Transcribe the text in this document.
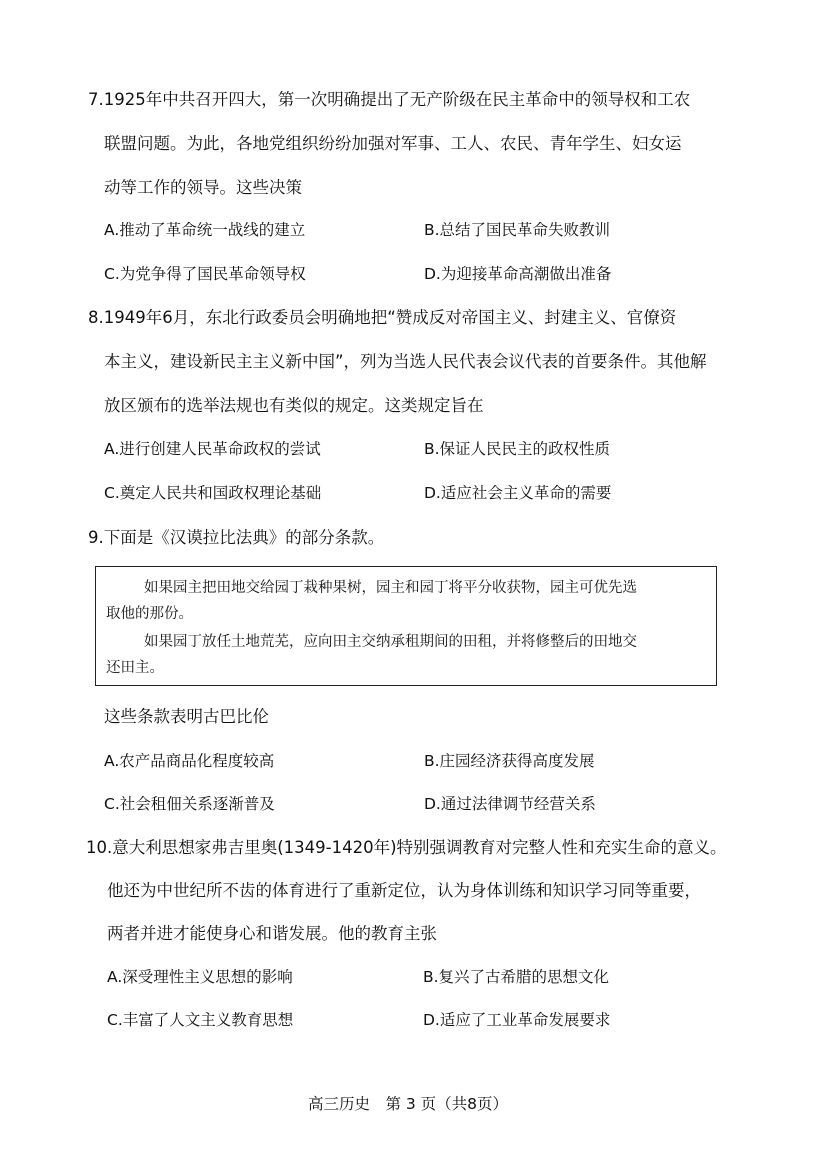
7.1925年中共召开四大，第一次明确提出了无产阶级在民主革命中的领导权和工农
联盟问题。为此，各地党组织纷纷加强对军事、工人、农民、青年学生、妇女运
动等工作的领导。这些决策
A.推动了革命统一战线的建立	B.总结了国民革命失败教训
C.为党争得了国民革命领导权	D.为迎接革命高潮做出准备
8.1949年6月，东北行政委员会明确地把“赞成反对帝国主义、封建主义、官僚资
本主义，建设新民主主义新中国”，列为当选人民代表会议代表的首要条件。其他解
放区颁布的选举法规也有类似的规定。这类规定旨在
A.进行创建人民革命政权的尝试	B.保证人民民主的政权性质
C.奠定人民共和国政权理论基础	D.适应社会主义革命的需要
9.下面是《汉谟拉比法典》的部分条款。
如果园主把田地交给园丁栽种果树，园主和园丁将平分收获物，园主可优先选
取他的那份。
如果园丁放任土地荒芜，应向田主交纳承租期间的田租，并将修整后的田地交
还田主。
这些条款表明古巴比伦
A.农产品商品化程度较高	B.庄园经济获得高度发展
C.社会租佃关系逐渐普及	D.通过法律调节经营关系
10.意大利思想家弗吉里奥(1349-1420年)特别强调教育对完整人性和充实生命的意义。
他还为中世纪所不齿的体育进行了重新定位，认为身体训练和知识学习同等重要，
两者并进才能使身心和谐发展。他的教育主张
A.深受理性主义思想的影响	B.复兴了古希腊的思想文化
C.丰富了人文主义教育思想	D.适应了工业革命发展要求
高三历史　第 3 页（共8页）
